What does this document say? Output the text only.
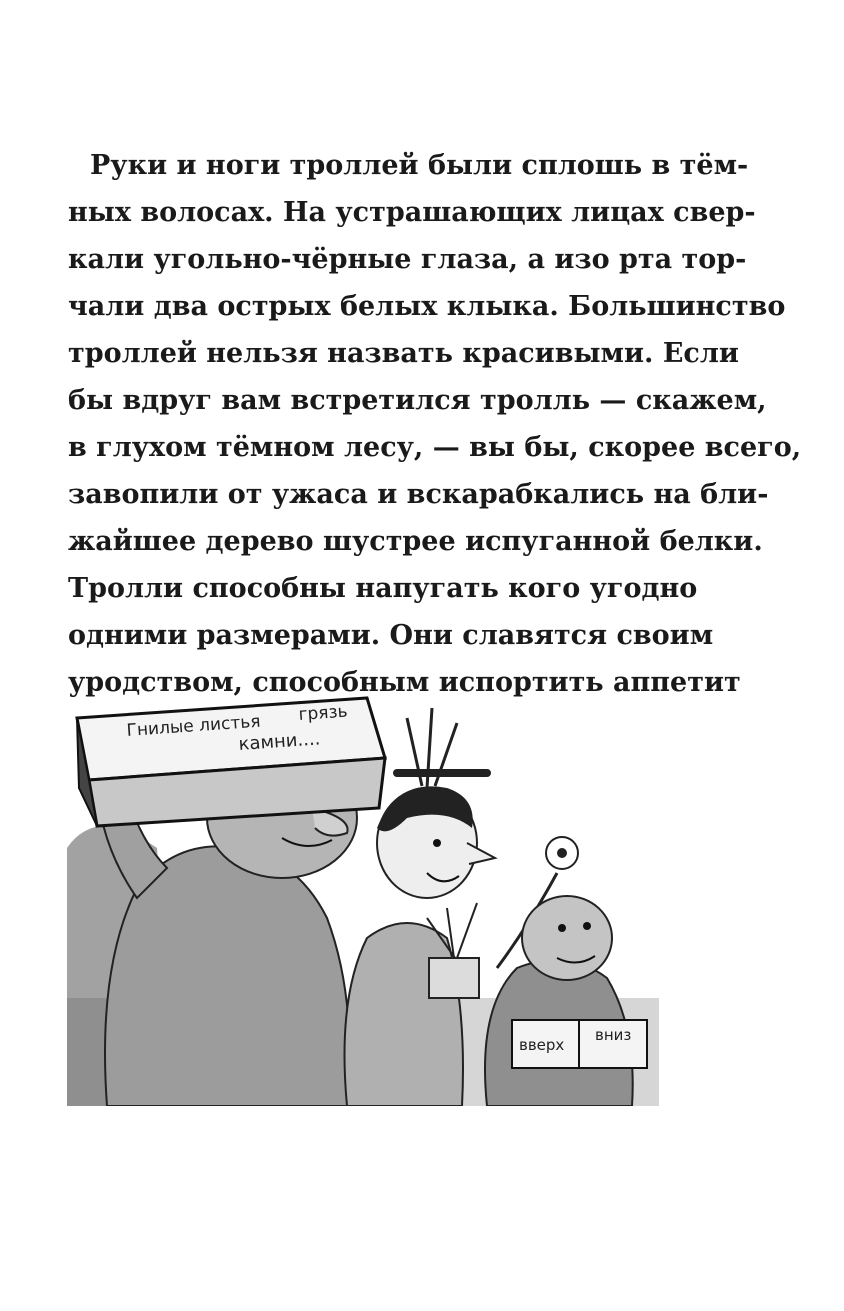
Руки и ноги троллей были сплошь в тём-
ных волосах. На устрашающих лицах свер-
кали угольно-чёрные глаза, а изо рта тор-
чали два острых белых клыка. Большинство
троллей нельзя назвать красивыми. Если
бы вдруг вам встретился тролль — скажем,
в глухом тёмном лесу, — вы бы, скорее всего,
завопили от ужаса и вскарабкались на бли-
жайшее дерево шустрее испуганной белки.
Тролли способны напугать кого угодно
одними размерами. Они славятся своим
уродством, способным испортить аппетит
Гнилые листья грязь
камни....
вверх
вниз
